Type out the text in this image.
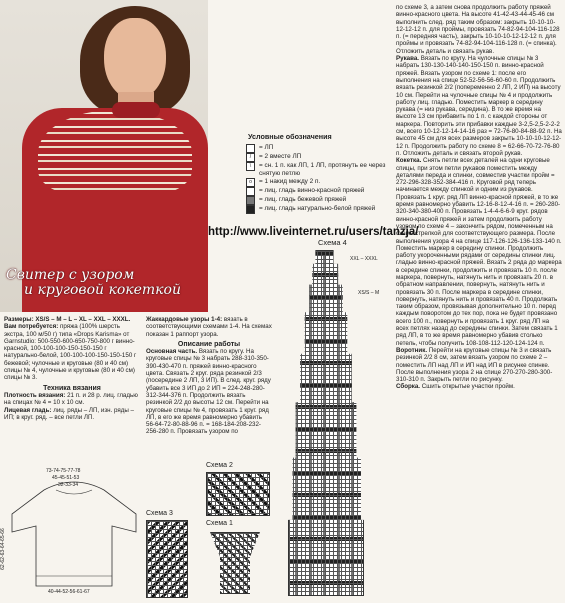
Свитер с узором
и круговой кокеткой
Условные обозначения
= ЛП
/	= 2 вместе ЛП
\	= сн. 1 п. как ЛП, 1 ЛП, протянуть ее через снятую петлю
o	= 1 накид между 2 п.
= лиц. гладь винно-красной пряжей
= лиц. гладь бежевой пряжей
= лиц. гладь натурально-белой пряжей
http://www.liveinternet.ru/users/tanzja/
Размеры: XS/S – M – L – XL – XXL – XXXL.
Вам потребуется: пряжа (100% шерсть экстра, 100 м/50 г) типа «Drops Karisma» от Garnstudio: 500-550-600-650-750-800 г винно-красной, 100-100-100-150-150-150 г натурально-белой, 100-100-100-150-150-150 г бежевой; чулочные и круговые (80 и 40 см) спицы № 4, чулочные и круговые (80 и 40 см) спицы № 3.
Техника вязания
Плотность вязания: 21 п. и 28 р. лиц. гладью на спицах № 4 = 10 х 10 см.
Лицевая гладь: лиц. ряды – ЛП, изн. ряды – ИП; в круг. ряд. – все петли ЛП.
73-74-75-77-78
45-45-51-53
32-33-34
62-62-63-64-65-66
40-44-52-56-61-67
Жаккардовые узоры 1-4: вязать в соответствующими схемами 1-4. На схемах показан 1 раппорт узора.
Описание работы
Основная часть. Вязать по кругу. На круговые спицы № 3 набрать 288-310-350-390-430-470 п. пряжей винно-красного цвета. Связать 2 круг. ряда резинкой 2/3 (посередине 2 ЛП, 3 ИП). В след. круг. ряду убавить все 3 ИП до 2 ИП = 224-248-280-312-344-376 п. Продолжить вязать резинкой 2/2 до высоты 12 см. Перейти на круговые спицы № 4, провязать 1 круг. ряд ЛП, в его же время равномерно убавить 56-64-72-80-88-96 п. = 168-184-208-232-256-280 п. Провязать узором по
Схема 2
Схема 3
Схема 1
Схема 4
XXL – XXXL
XS/S – M
по схеме 3, а затем снова продолжить работу пряжей винно-красного цвета. На высоте 41-42-43-44-45-46 см выполнить след. ряд таким образом: закрыть 10-10-10-12-12-12 п. для проймы, провязать 74-82-94-104-116-128 п. (= передняя часть), закрыть 10-10-10-12-12-12 п. для проймы и провязать 74-82-94-104-116-128 п. (= спинка). Отложить деталь и связать рукав.
Рукава. Вязать по кругу. На чулочные спицы № 3 набрать 130-130-140-140-150-150 п. винно-красной пряжей. Вязать узором по схеме 1: после его выполнения на спице 52-52-56-56-60-60 п. Продолжить вязать резинкой 2/2 (попеременно 2 ЛП, 2 ИП) на высоту 10 см. Перейти на чулочные спицы № 4 и продолжить работу лиц. гладью. Поместить маркер в середину рукава (= низ рукава, середина). В то же время на высоте 13 см прибавить по 1 п. с каждой стороны от маркера. Повторить эти прибавки каждые 3-2,5-2,5-2-2-2 см, всего 10-12-12-14-14-16 раз = 72-76-80-84-88-92 п. На высоте 45 см для всех размеров закрыть 10-10-10-12-12-12 п. Продолжить работу по схеме 8 = 62-66-70-72-76-80 п. Отложить деталь и связать второй рукав.
Кокетка. Снять петли всех деталей на одни круговые спицы, при этом петли рукавов поместить между деталями переда и спинки, совместив участки пройм = 272-296-328-352-384-416 п. Круговой ряд теперь начинается между спинкой и одним из рукавов. Провязать 1 круг. ряд ЛП винно-красной пряжей, в то же время равномерно убавить 12-16-8-12-4-16 п. = 260-280-320-340-380-400 п. Провязать 1-4-4-6-6-9 круг. рядов винно-красной пряжей и затем продолжить работу узором по схеме 4 – закончить рядом, помеченным на схеме стрелкой для соответствующего размера. После выполнения узора 4 на спице 117-126-126-136-133-140 п. Поместить маркер в середину спинки. Продолжить работу укороченными рядами от середины спинки лиц. гладью винно-красной пряжей. Вязать 2 ряда до маркера в середине спинки, продолжить и провязать 10 п. после маркера, повернуть, натянуть нить и провязать 20 п. в обратном направлении, повернуть, натянуть нить и провязать 30 п. После маркера в середине спинки, повернуть, натянуть нить и провязать 40 п. Продолжать таким образом, провязывая дополнительно 10 п. перед каждым поворотом до тех пор, пока не будет провязано всего 100 п., повернуть и провязать 1 круг. ряд ЛП на всех петлях назад до середины спинки. Затем связать 1 ряд ЛП, в то же время равномерно убавив столько петель, чтобы получить 108-108-112-120-124-124 п.
Воротник. Перейти на круговые спицы № 3 и связать резинкой 2/2 8 см, затем вязать узором по схеме 2 – поместить ЛП над ЛП и ИП над ИП в рисунке спинке. После выполнения узора 2 на спице 270-270-280-300-310-310 п. Закрыть петли по рисунку.
Сборка. Сшить открытые участки пройм.
